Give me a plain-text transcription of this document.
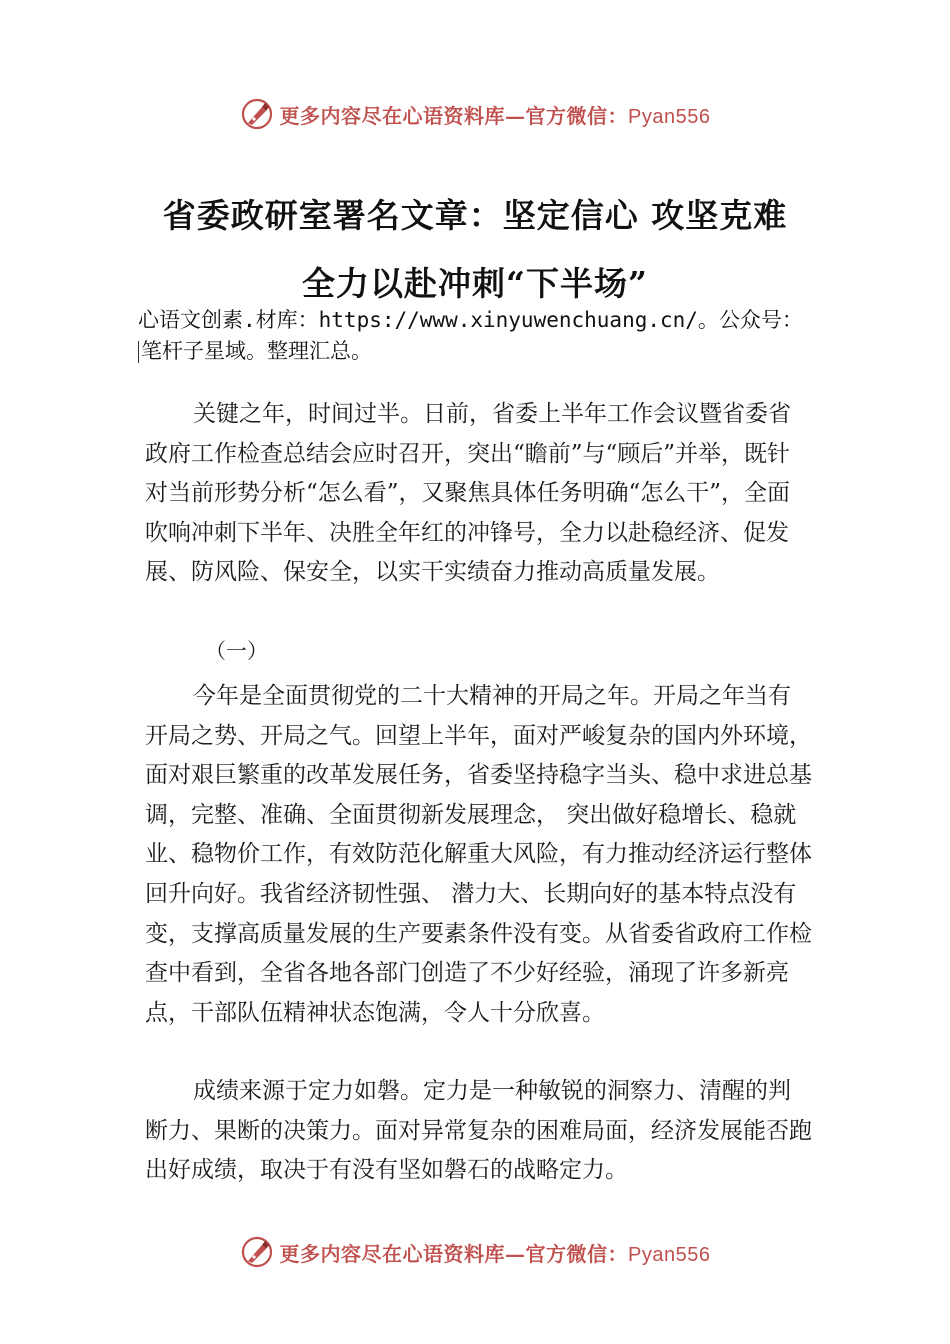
更多内容尽在心语资料库—官方微信：Pyan556
省委政研室署名文章：坚定信心 攻坚克难
全力以赴冲刺“下半场”
心语文创素.材库：https://www.xinyuwenchuang.cn/。公众号：
笔杆子星域。整理汇总。
关键之年，时间过半。日前，省委上半年工作会议暨省委省政府工作检查总结会应时召开，突出“瞻前”与“顾后”并举，既针对当前形势分析“怎么看”，又聚焦具体任务明确“怎么干”，全面吹响冲刺下半年、决胜全年红的冲锋号，全力以赴稳经济、促发展、防风险、保安全，以实干实绩奋力推动高质量发展。
（一）
今年是全面贯彻党的二十大精神的开局之年。开局之年当有开局之势、开局之气。回望上半年，面对严峻复杂的国内外环境，面对艰巨繁重的改革发展任务，省委坚持稳字当头、稳中求进总基调，完整、准确、全面贯彻新发展理念， 突出做好稳增长、稳就业、稳物价工作，有效防范化解重大风险，有力推动经济运行整体回升向好。我省经济韧性强、 潜力大、长期向好的基本特点没有变，支撑高质量发展的生产要素条件没有变。从省委省政府工作检查中看到，全省各地各部门创造了不少好经验，涌现了许多新亮点，干部队伍精神状态饱满，令人十分欣喜。
成绩来源于定力如磐。定力是一种敏锐的洞察力、清醒的判断力、果断的决策力。面对异常复杂的困难局面，经济发展能否跑出好成绩，取决于有没有坚如磐石的战略定力。
更多内容尽在心语资料库—官方微信：Pyan556
